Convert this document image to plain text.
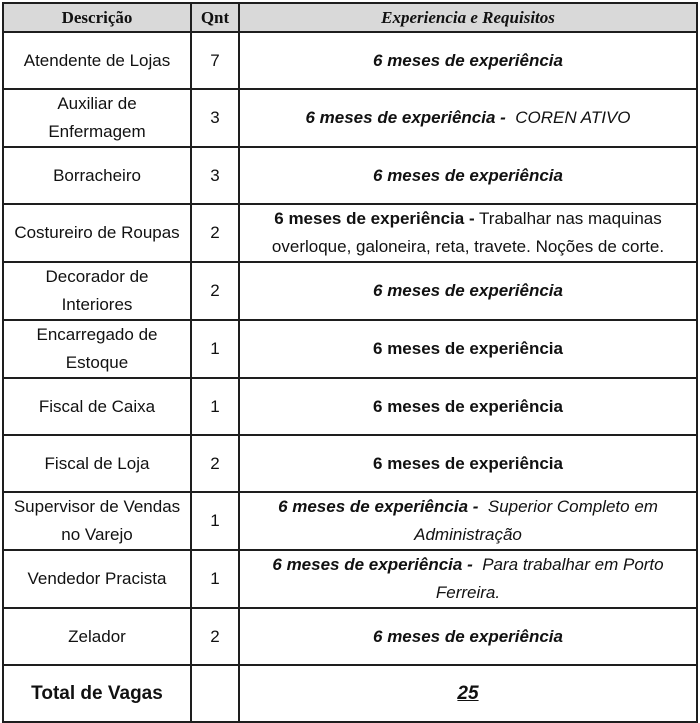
Descrição	Qnt	Experiencia e Requisitos
Atendente de Lojas	7	6 meses de experiência
Auxiliar de Enfermagem	3	6 meses de experiência - COREN ATIVO
Borracheiro	3	6 meses de experiência
Costureiro de Roupas	2	6 meses de experiência - Trabalhar nas maquinas overloque, galoneira, reta, travete. Noções de corte.
Decorador de Interiores	2	6 meses de experiência
Encarregado de Estoque	1	6 meses de experiência
Fiscal de Caixa	1	6 meses de experiência
Fiscal de Loja	2	6 meses de experiência
Supervisor de Vendas no Varejo	1	6 meses de experiência - Superior Completo em Administração
Vendedor Pracista	1	6 meses de experiência - Para trabalhar em Porto Ferreira.
Zelador	2	6 meses de experiência
Total de Vagas		25
